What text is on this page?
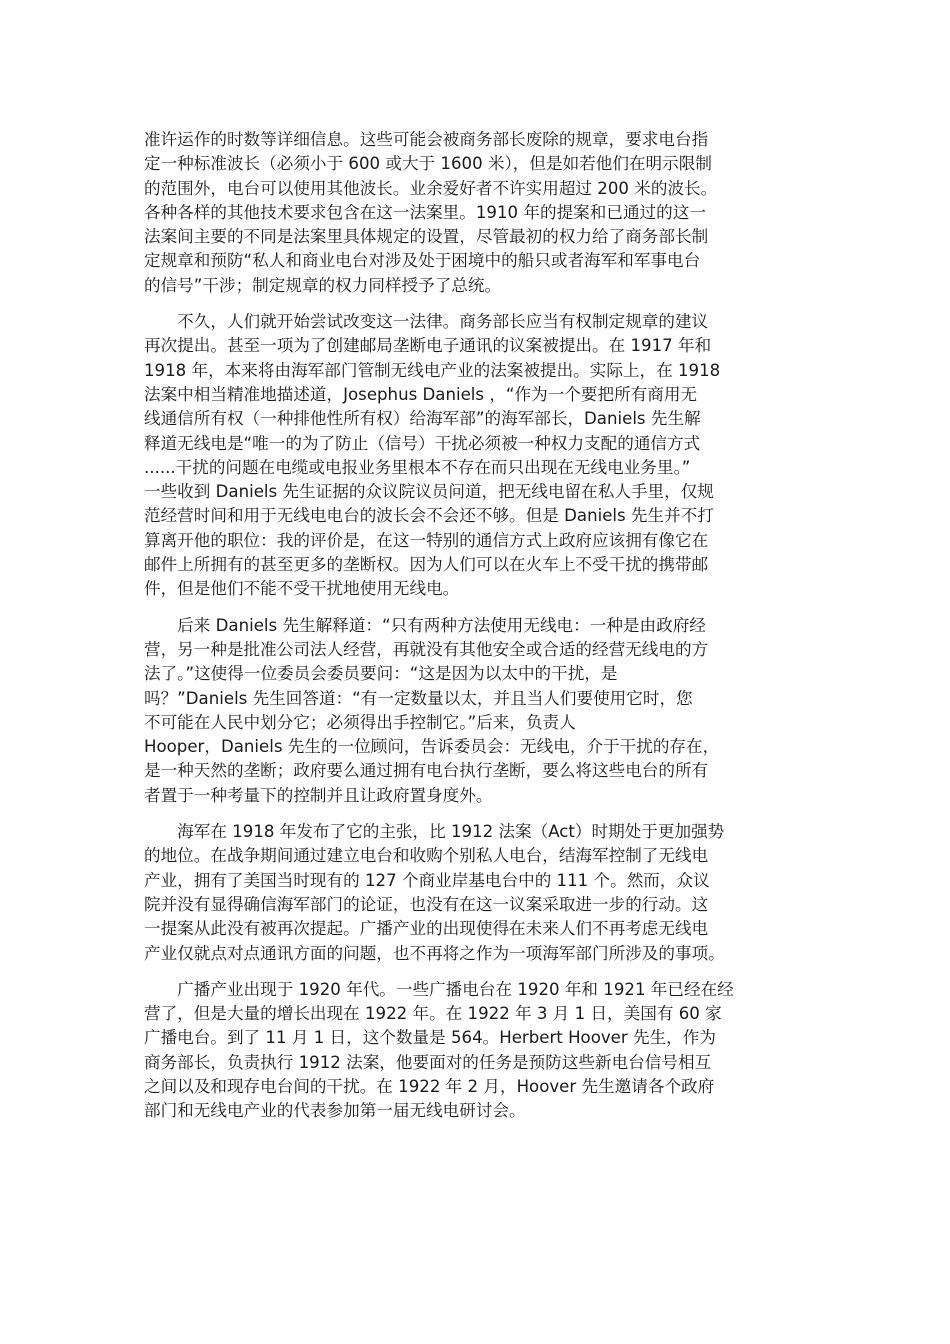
准许运作的时数等详细信息。这些可能会被商务部长废除的规章，要求电台指
定一种标准波长（必须小于 600 或大于 1600 米），但是如若他们在明示限制
的范围外，电台可以使用其他波长。业余爱好者不许实用超过 200 米的波长。
各种各样的其他技术要求包含在这一法案里。1910 年的提案和已通过的这一
法案间主要的不同是法案里具体规定的设置，尽管最初的权力给了商务部长制
定规章和预防“私人和商业电台对涉及处于困境中的船只或者海军和军事电台
的信号”干涉；制定规章的权力同样授予了总统。

　　不久，人们就开始尝试改变这一法律。商务部长应当有权制定规章的建议
再次提出。甚至一项为了创建邮局垄断电子通讯的议案被提出。在 1917 年和
1918 年，本来将由海军部门管制无线电产业的法案被提出。实际上，在 1918
法案中相当精准地描述道，Josephus Daniels ，“作为一个要把所有商用无
线通信所有权（一种排他性所有权）给海军部”的海军部长，Daniels 先生解
释道无线电是“唯一的为了防止（信号）干扰必须被一种权力支配的通信方式
......干扰的问题在电缆或电报业务里根本不存在而只出现在无线电业务里。”
一些收到 Daniels 先生证据的众议院议员问道，把无线电留在私人手里，仅规
范经营时间和用于无线电电台的波长会不会还不够。但是 Daniels 先生并不打
算离开他的职位：我的评价是，在这一特别的通信方式上政府应该拥有像它在
邮件上所拥有的甚至更多的垄断权。因为人们可以在火车上不受干扰的携带邮
件，但是他们不能不受干扰地使用无线电。

　　后来 Daniels 先生解释道：“只有两种方法使用无线电：一种是由政府经
营，另一种是批准公司法人经营，再就没有其他安全或合适的经营无线电的方
法了。”这使得一位委员会委员要问：“这是因为以太中的干扰，是
吗？”Daniels 先生回答道：“有一定数量以太，并且当人们要使用它时，您
不可能在人民中划分它；必须得出手控制它。”后来，负责人
Hooper，Daniels 先生的一位顾问，告诉委员会：无线电，介于干扰的存在，
是一种天然的垄断；政府要么通过拥有电台执行垄断，要么将这些电台的所有
者置于一种考量下的控制并且让政府置身度外。

　　海军在 1918 年发布了它的主张，比 1912 法案（Act）时期处于更加强势
的地位。在战争期间通过建立电台和收购个别私人电台，结海军控制了无线电
产业，拥有了美国当时现有的 127 个商业岸基电台中的 111 个。然而，众议
院并没有显得确信海军部门的论证，也没有在这一议案采取进一步的行动。这
一提案从此没有被再次提起。广播产业的出现使得在未来人们不再考虑无线电
产业仅就点对点通讯方面的问题，也不再将之作为一项海军部门所涉及的事项。

　　广播产业出现于 1920 年代。一些广播电台在 1920 年和 1921 年已经在经
营了，但是大量的增长出现在 1922 年。在 1922 年 3 月 1 日，美国有 60 家
广播电台。到了 11 月 1 日，这个数量是 564。Herbert Hoover 先生，作为
商务部长，负责执行 1912 法案，他要面对的任务是预防这些新电台信号相互
之间以及和现存电台间的干扰。在 1922 年 2 月，Hoover 先生邀请各个政府
部门和无线电产业的代表参加第一届无线电研讨会。
